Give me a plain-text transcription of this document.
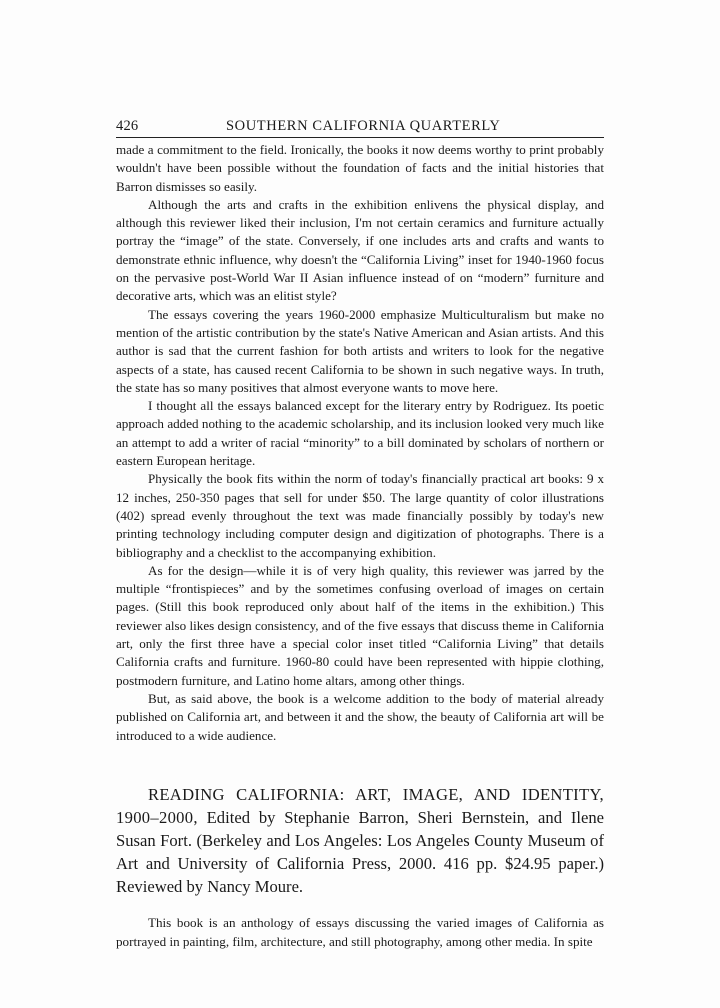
426	SOUTHERN CALIFORNIA QUARTERLY

made a commitment to the field. Ironically, the books it now deems worthy to print probably wouldn't have been possible without the foundation of facts and the initial histories that Barron dismisses so easily.

Although the arts and crafts in the exhibition enlivens the physical display, and although this reviewer liked their inclusion, I'm not certain ceramics and furniture actually portray the “image” of the state. Conversely, if one includes arts and crafts and wants to demonstrate ethnic influence, why doesn't the “California Living” inset for 1940-1960 focus on the pervasive post-World War II Asian influence instead of on “modern” furniture and decorative arts, which was an elitist style?

The essays covering the years 1960-2000 emphasize Multiculturalism but make no mention of the artistic contribution by the state's Native American and Asian artists. And this author is sad that the current fashion for both artists and writers to look for the negative aspects of a state, has caused recent California to be shown in such negative ways. In truth, the state has so many positives that almost everyone wants to move here.

I thought all the essays balanced except for the literary entry by Rodriguez. Its poetic approach added nothing to the academic scholarship, and its inclusion looked very much like an attempt to add a writer of racial “minority” to a bill dominated by scholars of northern or eastern European heritage.

Physically the book fits within the norm of today's financially practical art books: 9 x 12 inches, 250-350 pages that sell for under $50. The large quantity of color illustrations (402) spread evenly throughout the text was made financially possibly by today's new printing technology including computer design and digitization of photographs. There is a bibliography and a checklist to the accompanying exhibition.

As for the design—while it is of very high quality, this reviewer was jarred by the multiple “frontispieces” and by the sometimes confusing overload of images on certain pages. (Still this book reproduced only about half of the items in the exhibition.) This reviewer also likes design consistency, and of the five essays that discuss theme in California art, only the first three have a special color inset titled “California Living” that details California crafts and furniture. 1960-80 could have been represented with hippie clothing, postmodern furniture, and Latino home altars, among other things.

But, as said above, the book is a welcome addition to the body of material already published on California art, and between it and the show, the beauty of California art will be introduced to a wide audience.

READING CALIFORNIA: ART, IMAGE, AND IDENTITY, 1900–2000, Edited by Stephanie Barron, Sheri Bernstein, and Ilene Susan Fort. (Berkeley and Los Angeles: Los Angeles County Museum of Art and University of California Press, 2000. 416 pp. $24.95 paper.) Reviewed by Nancy Moure.

This book is an anthology of essays discussing the varied images of California as portrayed in painting, film, architecture, and still photography, among other media. In spite
